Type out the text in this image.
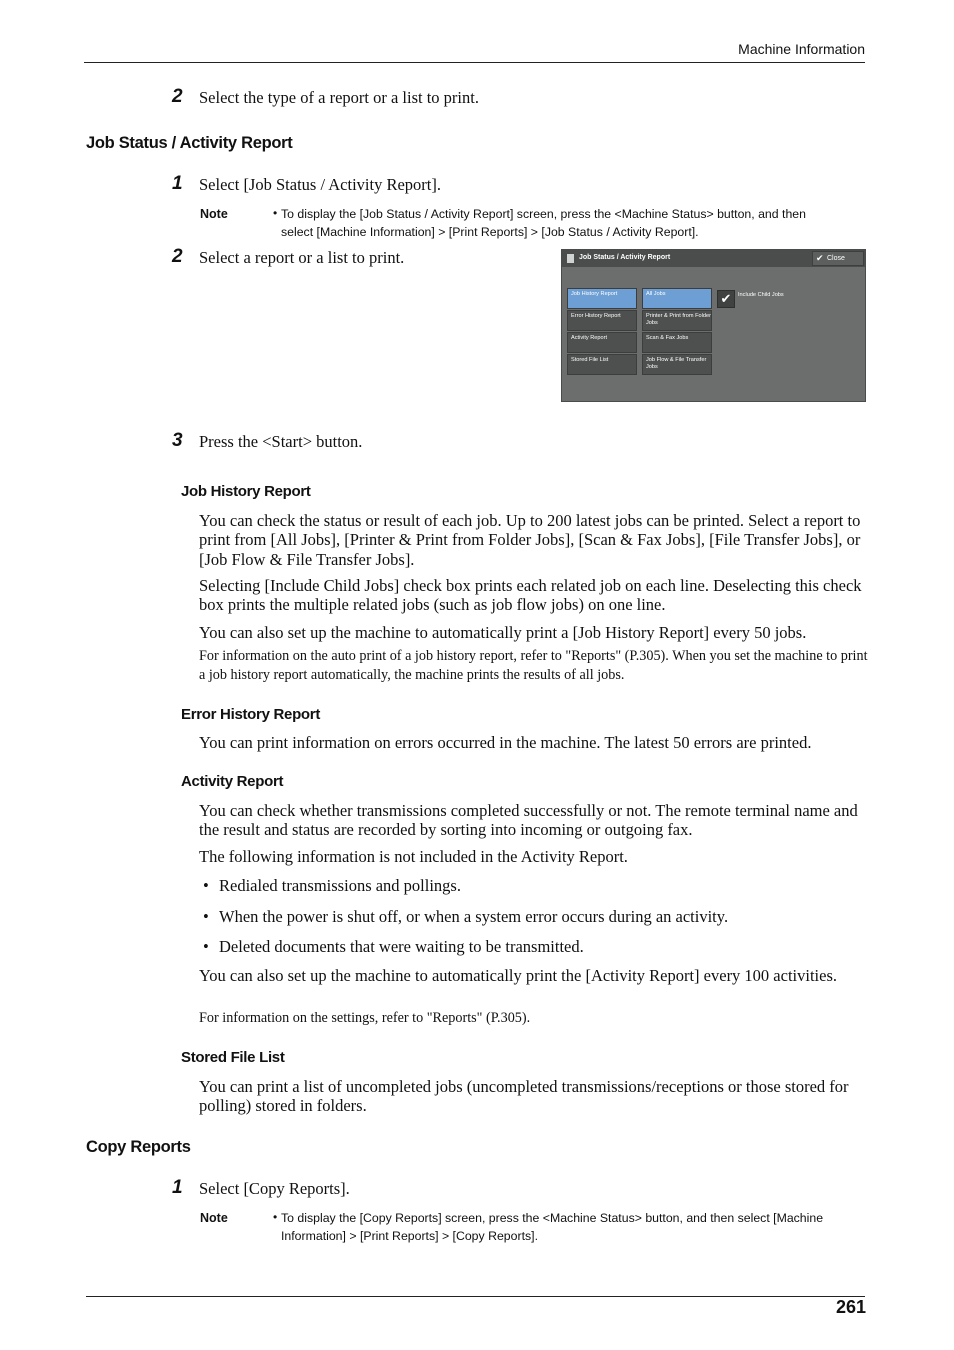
Machine Information
2 Select the type of a report or a list to print.
Job Status / Activity Report
1 Select [Job Status / Activity Report].
Note	• To display the [Job Status / Activity Report] screen, press the <Machine Status> button, and then
select [Machine Information] > [Print Reports] > [Job Status / Activity Report].
2 Select a report or a list to print.	Job Status / Activity Report	✔ Close
Job History Report
Error History Report
Activity Report
Stored File List
All Jobs
Printer & Print from Folder Jobs
Scan & Fax Jobs
Job Flow & File Transfer Jobs
✔	Include Child Jobs
3 Press the <Start> button.
Job History Report
You can check the status or result of each job. Up to 200 latest jobs can be printed. Select a report to print from [All Jobs], [Printer & Print from Folder Jobs], [Scan & Fax Jobs], [File Transfer Jobs], or [Job Flow & File Transfer Jobs].
Selecting [Include Child Jobs] check box prints each related job on each line. Deselecting this check box prints the multiple related jobs (such as job flow jobs) on one line.
You can also set up the machine to automatically print a [Job History Report] every 50 jobs.
For information on the auto print of a job history report, refer to "Reports" (P.305). When you set the machine to print a job history report automatically, the machine prints the results of all jobs.
Error History Report
You can print information on errors occurred in the machine. The latest 50 errors are printed.
Activity Report
You can check whether transmissions completed successfully or not. The remote terminal name and the result and status are recorded by sorting into incoming or outgoing fax.
The following information is not included in the Activity Report.
• Redialed transmissions and pollings.
• When the power is shut off, or when a system error occurs during an activity.
• Deleted documents that were waiting to be transmitted.
You can also set up the machine to automatically print the [Activity Report] every 100 activities.
For information on the settings, refer to "Reports" (P.305).
Stored File List
You can print a list of uncompleted jobs (uncompleted transmissions/receptions or those stored for polling) stored in folders.
Copy Reports
1 Select [Copy Reports].
Note	• To display the [Copy Reports] screen, press the <Machine Status> button, and then select [Machine
Information] > [Print Reports] > [Copy Reports].
261
